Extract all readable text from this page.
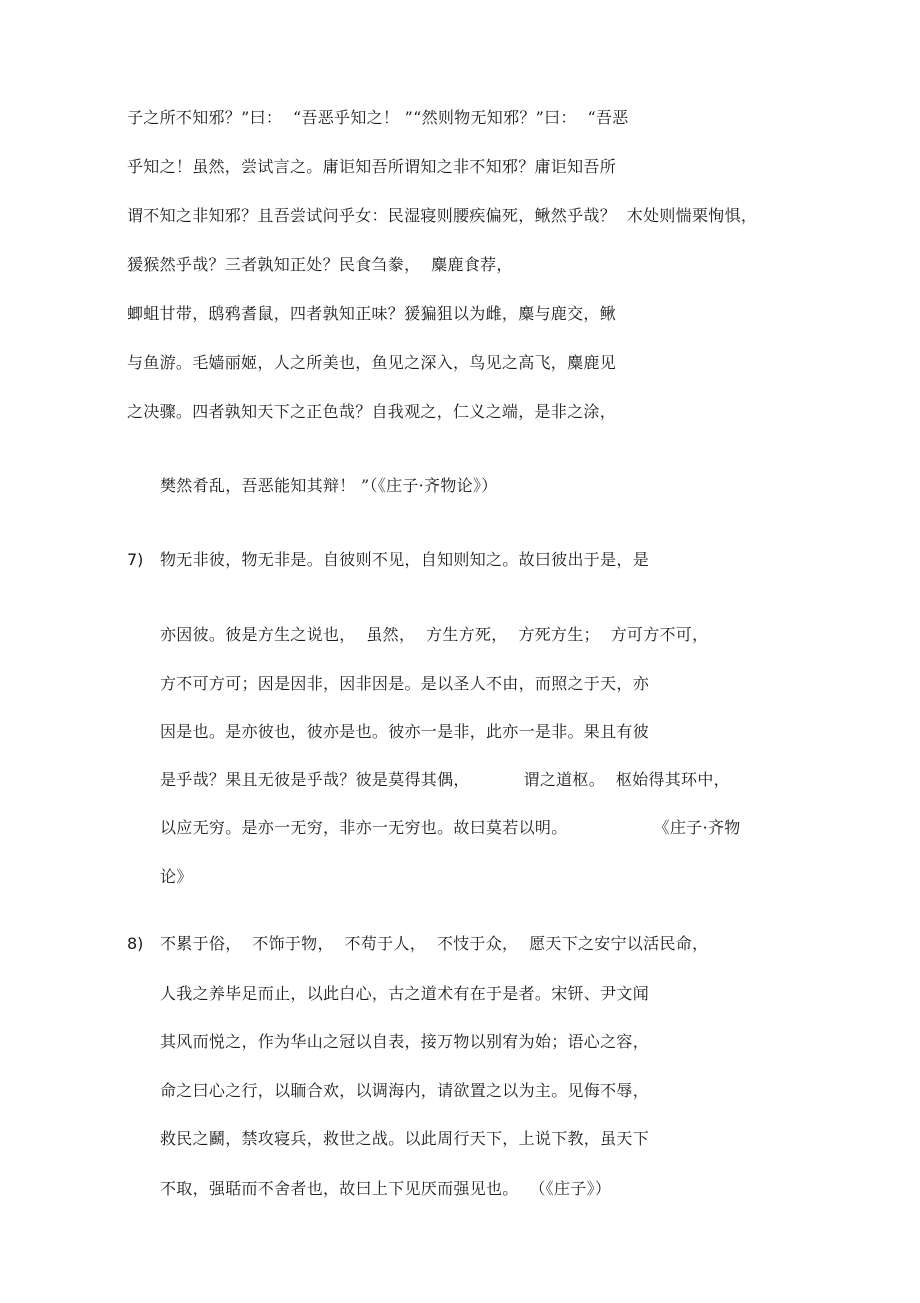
子之所不知邪？”曰：  “吾恶乎知之！ ”“然则物无知邪？”曰：  “吾恶
乎知之！虽然，尝试言之。庸讵知吾所谓知之非不知邪？庸讵知吾所
谓不知之非知邪？且吾尝试问乎女：民湿寝则腰疾偏死，鳅然乎哉？  木处则惴栗恂惧，
猨猴然乎哉？三者孰知正处？民食刍豢，  麋鹿食荐，
蝍蛆甘带，鸱鸦耆鼠，四者孰知正味？猨猵狙以为雌，麋与鹿交，鳅
与鱼游。毛嫱丽姬，人之所美也，鱼见之深入，鸟见之高飞，麋鹿见
之决骤。四者孰知天下之正色哉？自我观之，仁义之端，是非之涂，
樊然肴乱，吾恶能知其辩！ ”（《庄子·齐物论》）
7) 物无非彼，物无非是。自彼则不见，自知则知之。故曰彼出于是，是
亦因彼。彼是方生之说也，  虽然，  方生方死，  方死方生；  方可方不可，
方不可方可；因是因非，因非因是。是以圣人不由，而照之于天，亦
因是也。是亦彼也，彼亦是也。彼亦一是非，此亦一是非。果且有彼
是乎哉？果且无彼是乎哉？彼是莫得其偶，          谓之道枢。  枢始得其环中，
以应无穷。是亦一无穷，非亦一无穷也。故曰莫若以明。                《庄子·齐物
论》
8) 不累于俗，  不饰于物，  不苟于人，  不忮于众，  愿天下之安宁以活民命，
人我之养毕足而止，以此白心，古之道术有在于是者。宋钘、尹文闻
其风而悦之，作为华山之冠以自表，接万物以别宥为始；语心之容，
命之曰心之行，以聏合欢，以调海内，请欲置之以为主。见侮不辱，
救民之鬬，禁攻寝兵，救世之战。以此周行天下，上说下教，虽天下
不取，强聒而不舍者也，故曰上下见厌而强见也。  （《庄子》）
